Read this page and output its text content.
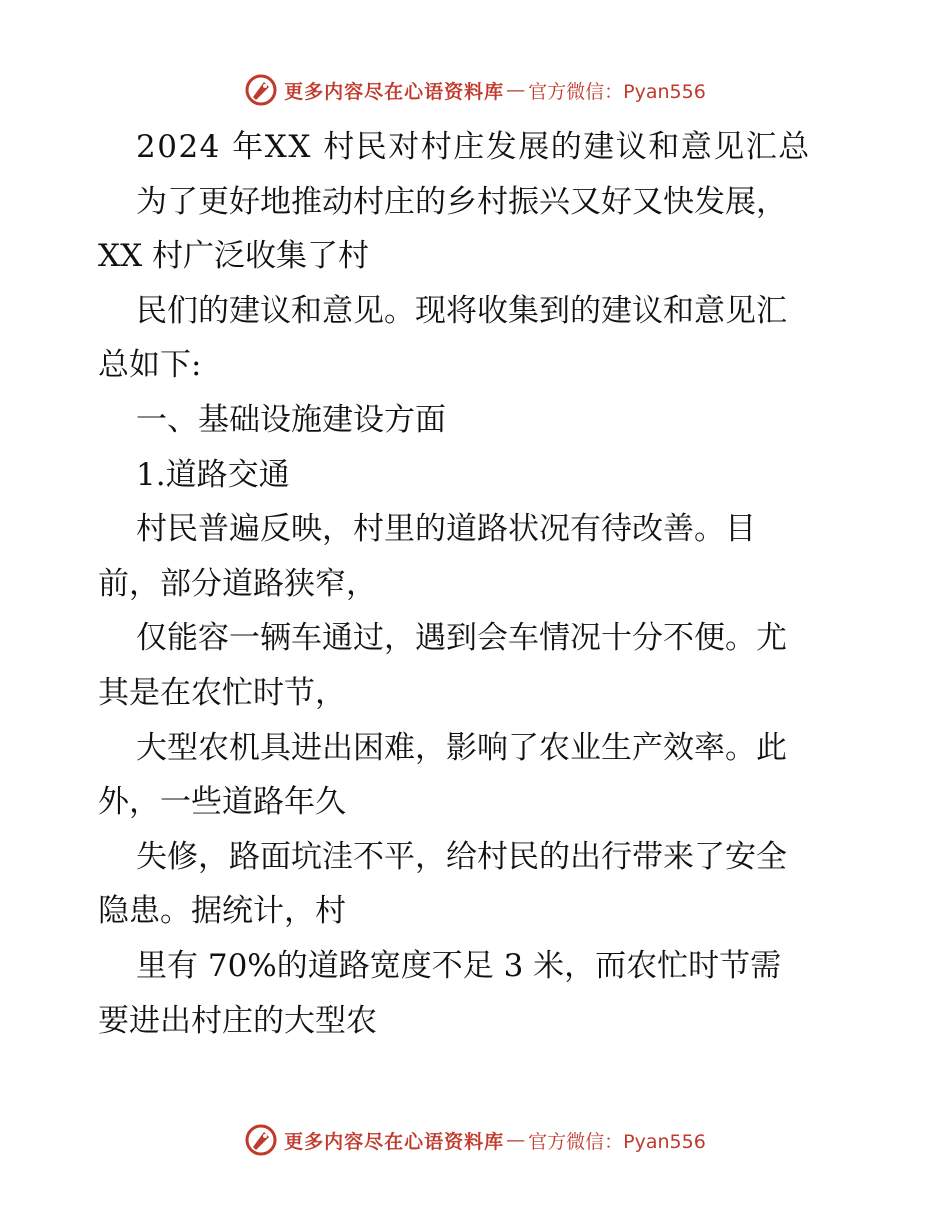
更多内容尽在心语资料库 — 官方微信：Pyan556
2024 年XX 村民对村庄发展的建议和意见汇总
为了更好地推动村庄的乡村振兴又好又快发展，
XX 村广泛收集了村
民们的建议和意见。现将收集到的建议和意见汇
总如下:
一、基础设施建设方面
1.道路交通
村民普遍反映，村里的道路状况有待改善。目
前，部分道路狭窄，
仅能容一辆车通过，遇到会车情况十分不便。尤
其是在农忙时节，
大型农机具进出困难，影响了农业生产效率。此
外，一些道路年久
失修，路面坑洼不平，给村民的出行带来了安全
隐患。据统计，村
里有 70%的道路宽度不足 3 米，而农忙时节需
要进出村庄的大型农
更多内容尽在心语资料库 — 官方微信：Pyan556
